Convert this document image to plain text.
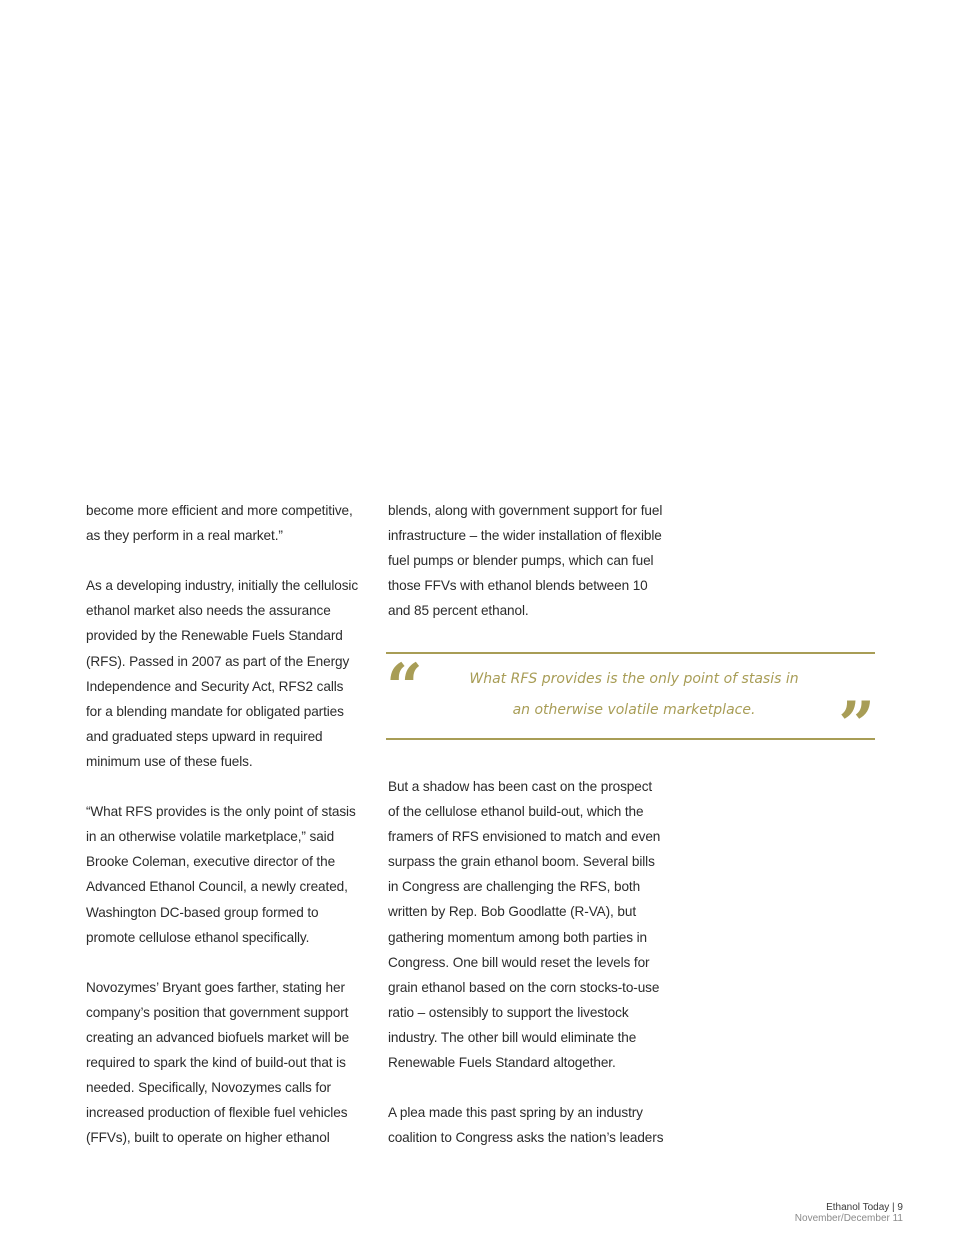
become more efficient and more competitive, as they perform in a real market.”

As a developing industry, initially the cellulosic ethanol market also needs the assurance provided by the Renewable Fuels Standard (RFS). Passed in 2007 as part of the Energy Independence and Security Act, RFS2 calls for a blending mandate for obligated parties and graduated steps upward in required minimum use of these fuels.

“What RFS provides is the only point of stasis in an otherwise volatile marketplace,” said Brooke Coleman, executive director of the Advanced Ethanol Council, a newly created, Washington DC-based group formed to promote cellulose ethanol specifically.

Novozymes’ Bryant goes farther, stating her company’s position that government support creating an advanced biofuels market will be required to spark the kind of build-out that is needed. Specifically, Novozymes calls for increased production of flexible fuel vehicles (FFVs), built to operate on higher ethanol

blends, along with government support for fuel infrastructure – the wider installation of flexible fuel pumps or blender pumps, which can fuel those FFVs with ethanol blends between 10 and 85 percent ethanol.

“	What RFS provides is the only point of stasis in an otherwise volatile marketplace.	”

But a shadow has been cast on the prospect of the cellulose ethanol build-out, which the framers of RFS envisioned to match and even surpass the grain ethanol boom. Several bills in Congress are challenging the RFS, both written by Rep. Bob Goodlatte (R-VA), but gathering momentum among both parties in Congress. One bill would reset the levels for grain ethanol based on the corn stocks-to-use ratio – ostensibly to support the livestock industry. The other bill would eliminate the Renewable Fuels Standard altogether.

A plea made this past spring by an industry coalition to Congress asks the nation’s leaders

Ethanol Today | 9
November/December 11
